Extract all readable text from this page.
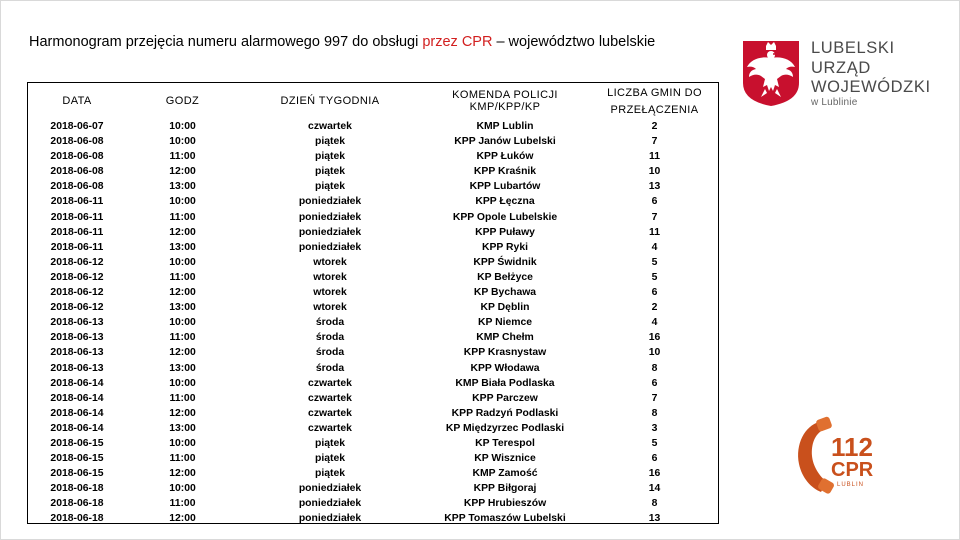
Harmonogram przejęcia numeru alarmowego 997 do obsługi przez CPR – województwo lubelskie
DATA	GODZ	DZIEŃ TYGODNIA	KOMENDA POLICJI KMP/KPP/KP	LICZBA GMIN DO PRZEŁĄCZENIA
2018-06-07	10:00	czwartek	KMP Lublin	2
2018-06-08	10:00	piątek	KPP Janów Lubelski	7
2018-06-08	11:00	piątek	KPP Łuków	11
2018-06-08	12:00	piątek	KPP Kraśnik	10
2018-06-08	13:00	piątek	KPP Lubartów	13
2018-06-11	10:00	poniedziałek	KPP Łęczna	6
2018-06-11	11:00	poniedziałek	KPP Opole Lubelskie	7
2018-06-11	12:00	poniedziałek	KPP Puławy	11
2018-06-11	13:00	poniedziałek	KPP Ryki	4
2018-06-12	10:00	wtorek	KPP Świdnik	5
2018-06-12	11:00	wtorek	KP Bełżyce	5
2018-06-12	12:00	wtorek	KP Bychawa	6
2018-06-12	13:00	wtorek	KP Dęblin	2
2018-06-13	10:00	środa	KP Niemce	4
2018-06-13	11:00	środa	KMP Chełm	16
2018-06-13	12:00	środa	KPP Krasnystaw	10
2018-06-13	13:00	środa	KPP Włodawa	8
2018-06-14	10:00	czwartek	KMP Biała Podlaska	6
2018-06-14	11:00	czwartek	KPP Parczew	7
2018-06-14	12:00	czwartek	KPP Radzyń Podlaski	8
2018-06-14	13:00	czwartek	KP Międzyrzec Podlaski	3
2018-06-15	10:00	piątek	KP Terespol	5
2018-06-15	11:00	piątek	KP Wisznice	6
2018-06-15	12:00	piątek	KMP Zamość	16
2018-06-18	10:00	poniedziałek	KPP Biłgoraj	14
2018-06-18	11:00	poniedziałek	KPP Hrubieszów	8
2018-06-18	12:00	poniedziałek	KPP Tomaszów Lubelski	13
LUBELSKI
URZĄD
WOJEWÓDZKI
w Lublinie
112
CPR
LUBLIN
